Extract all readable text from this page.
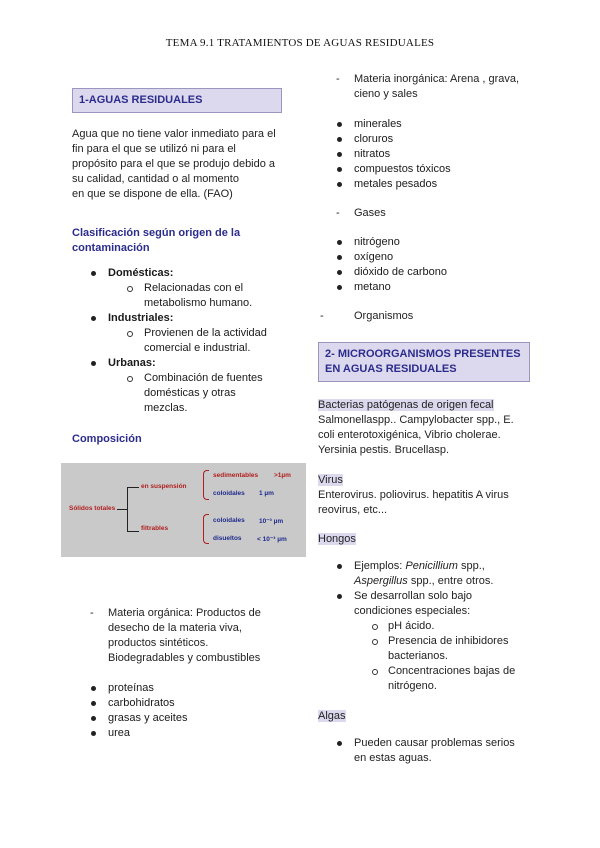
TEMA 9.1 TRATAMIENTOS DE AGUAS RESIDUALES
1-AGUAS RESIDUALES
Agua que no tiene valor inmediato para el
fin para el que se utilizó ni para el
propósito para el que se produjo debido a
su calidad, cantidad o al momento
en que se dispone de ella. (FAO)
Clasificación según origen de la
contaminación
Domésticas:
Relacionadas con el
metabolismo humano.
Industriales:
Provienen de la actividad
comercial e industrial.
Urbanas:
Combinación de fuentes
domésticas y otras
mezclas.
Composición
Sólidos totales
en suspensión
filtrables
sedimentables >1µm
coloidales 1 µm
coloidales 10⁻³ µm
disueltos < 10⁻³ µm
- Materia orgánica: Productos de
desecho de la materia viva,
productos sintéticos.
Biodegradables y combustibles
proteínas
carbohidratos
grasas y aceites
urea
- Materia inorgánica: Arena , grava,
cieno y sales
minerales
cloruros
nitratos
compuestos tóxicos
metales pesados
- Gases
nitrógeno
oxígeno
dióxido de carbono
metano
-	Organismos
2- MICROORGANISMOS PRESENTES
EN AGUAS RESIDUALES
Bacterias patógenas de origen fecal
Salmonellaspp.. Campylobacter spp., E.
coli enterotoxigénica, Vibrio cholerae.
Yersinia pestis. Brucellasp.
Virus
Enterovirus. poliovirus. hepatitis A virus
reovirus, etc...
Hongos
Ejemplos: Penicillium spp.,
Aspergillus spp., entre otros.
Se desarrollan solo bajo
condiciones especiales:
pH ácido.
Presencia de inhibidores
bacterianos.
Concentraciones bajas de
nitrógeno.
Algas
Pueden causar problemas serios
en estas aguas.
